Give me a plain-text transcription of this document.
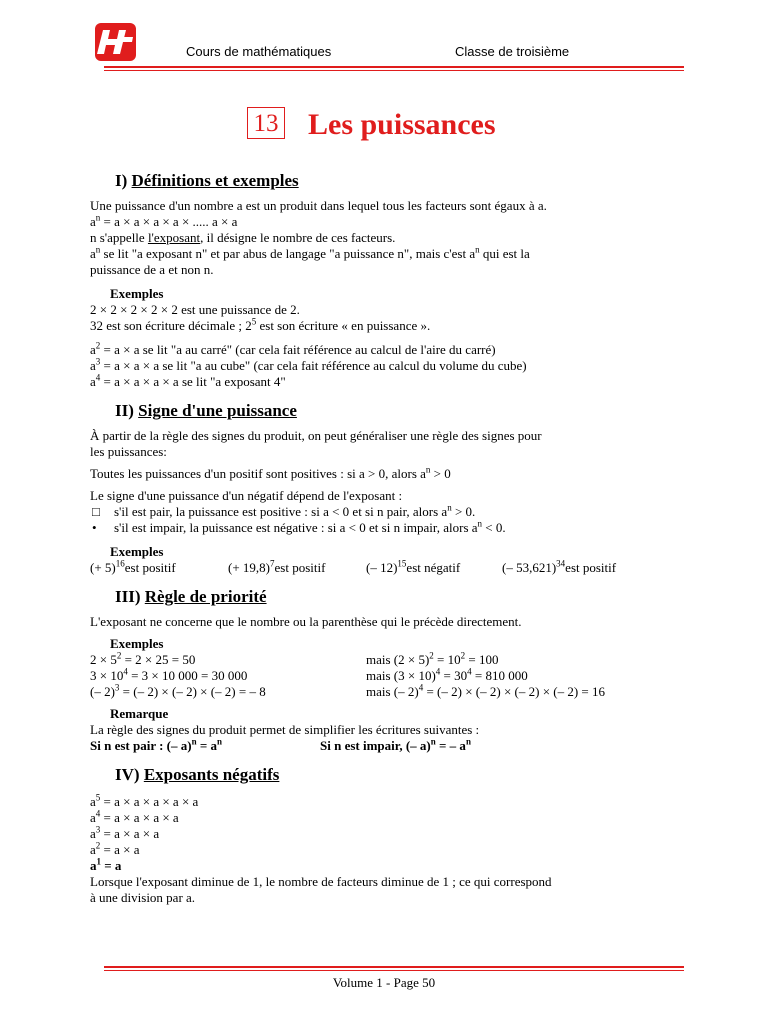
Cours de mathématiques	Classe de troisième
13 Les puissances
I) Définitions et exemples

Une puissance d'un nombre a est un produit dans lequel tous les facteurs sont égaux à a.

$a^n = a \times a \times a \times a$ × ..... a × a

n s'appelle l'exposant, il désigne le nombre de ces facteurs.

$a^n$ se lit "a exposant n" et par abus de langage "a puissance n", mais c'est $a^n$ qui est la

puissance de a et non n.

Exemples

2 × 2 × 2 × 2 × 2 est une puissance de 2.

32 est son écriture décimale ; $2^5$ est son écriture « en puissance ».

$a^2 = a \times a$ se lit "a au carré" (car cela fait référence au calcul de l'aire du carré)

$a^3 = a \times a \times a$ se lit "a au cube" (car cela fait référence au calcul du volume du cube)

$a^4 = a \times a \times a \times a$ se lit "a exposant 4"

II) Signe d'une puissance

À partir de la règle des signes du produit, on peut généraliser une règle des signes pour

les puissances:

Toutes les puissances d'un positif sont positives : si a > 0, alors $a^n > 0$

Le signe d'une puissance d'un négatif dépend de l'exposant :

□	s'il est pair, la puissance est positive : si a < 0 et si n pair, alors $a^n > 0$.
•	s'il est impair, la puissance est négative : si a < 0 et si n impair, alors $a^n < 0$.

Exemples

(+ 5)$^{16}$est positif	(+ 19,8)$^7$est positif	(– 12)$^{15}$est négatif	(– 53,621)$^{34}$est positif
III) Règle de priorité

L'exposant ne concerne que le nombre ou la parenthèse qui le précède directement.

Exemples

$2 \times 5^2 = 2 \times 25 = 50$	mais $(2 \times 5)^2 = 10^2 = 100$
$3 \times 10^4 = 3 \times 10$ 000 = 30 000	mais $(3 \times 10)^4 = 30^4 = 810$ 000
(– 2)$^3$ = (– 2) × (– 2) × (– 2) = – 8	mais (– 2)$^4$ = (– 2) × (– 2) × (– 2) × (– 2) = 16

Remarque

La règle des signes du produit permet de simplifier les écritures suivantes :

Si n est pair : (– $a)^n = a^n$	Si n est impair, (– a)$^n$ = – $a^n$
IV) Exposants négatifs

$a^5 = a \times a \times a \times a \times a$

$a^4 = a \times a \times a \times a$

$a^3 = a \times a \times a$

$a^2 = a \times a$

$a^1 = a$

Lorsque l'exposant diminue de 1, le nombre de facteurs diminue de 1 ; ce qui correspond

à une division par a.

Volume 1 - Page 50
